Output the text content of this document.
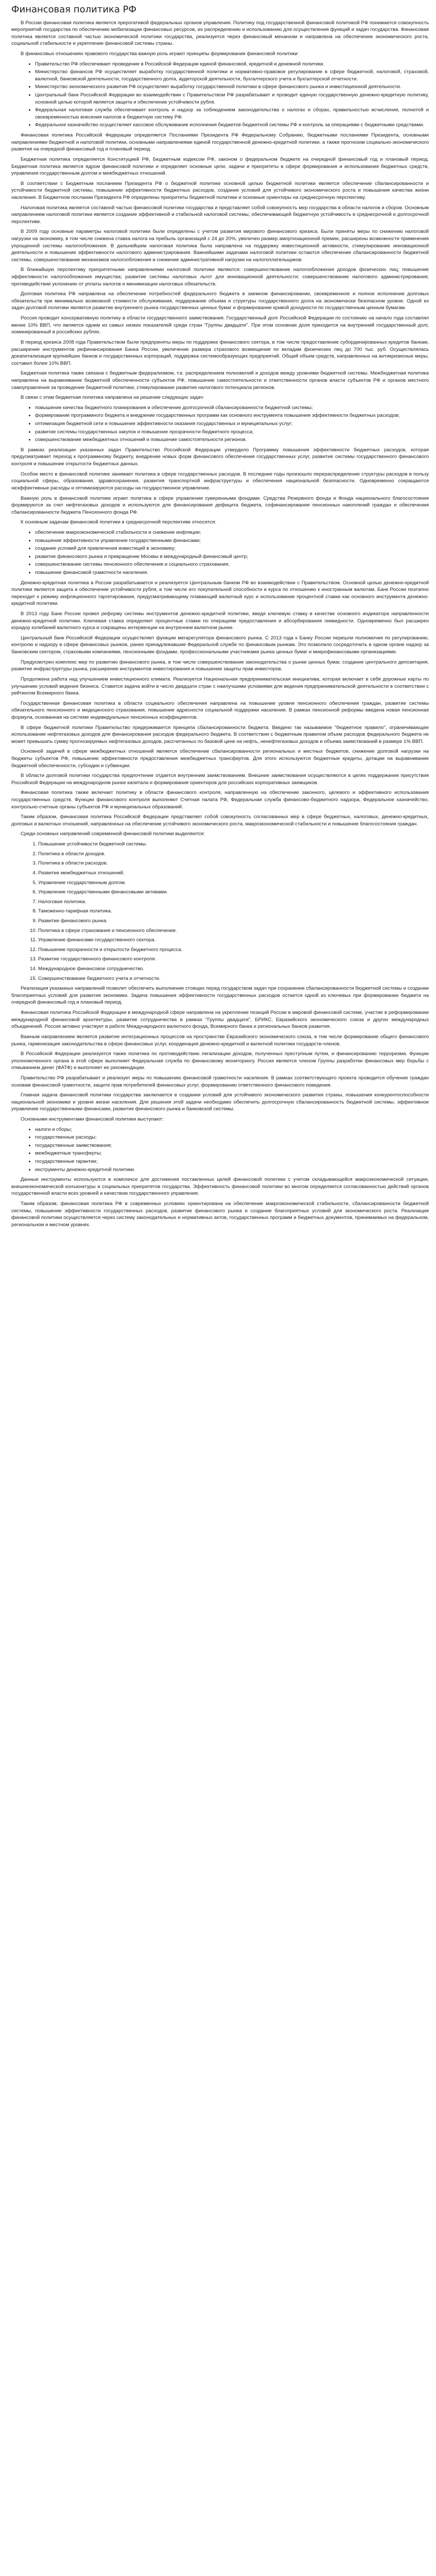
Финансовая политика РФ

В России финансовая политика является прерогативой федеральных органов управления. Политику под государственной финансовой политикой РФ понимается совокупность мероприятий государства по обеспечению мобилизации финансовых ресурсов, их распределению и использованию для осуществления функций и задач государства. Финансовая политика является составной частью экономической политики государства, реализуется через финансовый механизм и направлена на обеспечение экономического роста, социальной стабильности и укрепление финансовой системы страны.

В финансовых отношениях правового государства важную роль играют принципы формирования финансовой политики:

• Правительство РФ обеспечивает проведение в Российской Федерации единой финансовой, кредитной и денежной политики.
• Министерство финансов РФ осуществляет выработку государственной политики и нормативно-правовое регулирование в сфере бюджетной, налоговой, страховой, валютной, банковской деятельности, государственного долга, аудиторской деятельности, бухгалтерского учета и бухгалтерской отчетности.
• Министерство экономического развития РФ осуществляет выработку государственной политики в сфере финансового рынка и инвестиционной деятельности.
• Центральный банк Российской Федерации во взаимодействии с Правительством РФ разрабатывает и проводит единую государственную денежно-кредитную политику, основной целью которой является защита и обеспечение устойчивости рубля.
• Федеральная налоговая служба обеспечивает контроль и надзор за соблюдением законодательства о налогах и сборах, правильностью исчисления, полнотой и своевременностью внесения налогов в бюджетную систему РФ.
• Федеральное казначейство осуществляет кассовое обслуживание исполнения бюджетов бюджетной системы РФ и контроль за операциями с бюджетными средствами.

Финансовая политика Российской Федерации определяется Посланиями Президента РФ Федеральному Собранию, бюджетными посланиями Президента, основными направлениями бюджетной и налоговой политики, основными направлениями единой государственной денежно-кредитной политики, а также прогнозом социально-экономического развития на очередной финансовый год и плановый период.

Бюджетная политика определяется Конституцией РФ, Бюджетным кодексом РФ, законом о федеральном бюджете на очередной финансовый год и плановый период. Бюджетная политика является ядром финансовой политики и определяет основные цели, задачи и приоритеты в сфере формирования и использования бюджетных средств, управления государственным долгом и межбюджетных отношений.

В соответствии с Бюджетным посланием Президента РФ о бюджетной политике основной целью бюджетной политики является обеспечение сбалансированности и устойчивости бюджетной системы, повышение эффективности бюджетных расходов, создание условий для устойчивого экономического роста и повышения качества жизни населения. В Бюджетном послании Президента РФ определены приоритеты бюджетной политики и основные ориентиры на среднесрочную перспективу.

Налоговая политика является составной частью финансовой политики государства и представляет собой совокупность мер государства в области налогов и сборов. Основным направлением налоговой политики является создание эффективной и стабильной налоговой системы, обеспечивающей бюджетную устойчивость в среднесрочной и долгосрочной перспективе.

В 2009 году основные параметры налоговой политики были определены с учетом развития мирового финансового кризиса. Были приняты меры по снижению налоговой нагрузки на экономику, в том числе снижена ставка налога на прибыль организаций с 24 до 20%, увеличен размер амортизационной премии, расширены возможности применения упрощенной системы налогообложения. В дальнейшем налоговая политика была направлена на поддержку инвестиционной активности, стимулирование инновационной деятельности и повышение эффективности налогового администрирования. Важнейшими задачами налоговой политики остаются обеспечение сбалансированности бюджетной системы, совершенствование механизмов налогообложения и снижение административной нагрузки на налогоплательщиков.

В ближайшую перспективу приоритетными направлениями налоговой политики являются: совершенствование налогообложения доходов физических лиц; повышение эффективности налогообложения имущества; развитие системы налоговых льгот для инновационной деятельности; совершенствование налогового администрирования; противодействие уклонению от уплаты налогов и минимизации налоговых обязательств.

Долговая политика РФ направлена на обеспечение потребностей федерального бюджета в заемном финансировании, своевременное и полное исполнение долговых обязательств при минимально возможной стоимости обслуживания, поддержание объема и структуры государственного долга на экономически безопасном уровне. Одной из задач долговой политики является развитие внутреннего рынка государственных ценных бумаг и формирование кривой доходности по государственным ценным бумагам.

Россия проводит консервативную политику в области государственного заимствования. Государственный долг Российской Федерации по состоянию на начало года составлял менее 10% ВВП, что является одним из самых низких показателей среди стран "Группы двадцати". При этом основная доля приходится на внутренний государственный долг, номинированный в российских рублях.

В период кризиса 2008 года Правительством были предприняты меры по поддержке финансового сектора, в том числе предоставление субординированных кредитов банкам, расширение инструментов рефинансирования Банка России, увеличение размера страхового возмещения по вкладам физических лиц до 700 тыс. руб. Осуществлялась докапитализация крупнейших банков и государственных корпораций, поддержка системообразующих предприятий. Общий объем средств, направленных на антикризисные меры, составил более 10% ВВП.

Бюджетная политика также связана с бюджетным федерализмом, т.е. распределением полномочий и доходов между уровнями бюджетной системы. Межбюджетная политика направлена на выравнивание бюджетной обеспеченности субъектов РФ, повышение самостоятельности и ответственности органов власти субъектов РФ и органов местного самоуправления за проведение бюджетной политики, стимулирование развития налогового потенциала регионов.

В связи с этим бюджетная политика направлена на решение следующих задач:

• повышение качества бюджетного планирования и обеспечение долгосрочной сбалансированности бюджетной системы;
• формирование программного бюджета и внедрение государственных программ как основного инструмента повышения эффективности бюджетных расходов;
• оптимизация бюджетной сети и повышение эффективности оказания государственных и муниципальных услуг;
• развитие системы государственных закупок и повышение прозрачности бюджетного процесса;
• совершенствование межбюджетных отношений и повышение самостоятельности регионов.

В рамках реализации указанных задач Правительство Российской Федерации утвердило Программу повышения эффективности бюджетных расходов, которая предусматривает переход к программному бюджету, внедрение новых форм финансового обеспечения государственных услуг, развитие системы государственного финансового контроля и повышение открытости бюджетных данных.

Особое место в финансовой политике занимает политика в сфере государственных расходов. В последние годы произошло перераспределение структуры расходов в пользу социальной сферы, образования, здравоохранения, развития транспортной инфраструктуры и обеспечения национальной безопасности. Одновременно сокращаются неэффективные расходы и оптимизируются расходы на государственное управление.

Важную роль в финансовой политике играет политика в сфере управления суверенными фондами. Средства Резервного фонда и Фонда национального благосостояния формируются за счет нефтегазовых доходов и используются для финансирования дефицита бюджета, софинансирования пенсионных накоплений граждан и обеспечения сбалансированности бюджета Пенсионного фонда РФ.

К основным задачам финансовой политики в среднесрочной перспективе относятся:

• обеспечение макроэкономической стабильности и снижение инфляции;
• повышение эффективности управления государственными финансами;
• создание условий для привлечения инвестиций в экономику;
• развитие финансового рынка и превращение Москвы в международный финансовый центр;
• совершенствование системы пенсионного обеспечения и социального страхования;
• повышение финансовой грамотности населения.

Денежно-кредитная политика в России разрабатывается и реализуется Центральным банком РФ во взаимодействии с Правительством. Основной целью денежно-кредитной политики является защита и обеспечение устойчивости рубля, в том числе его покупательной способности и курса по отношению к иностранным валютам. Банк России поэтапно переходит к режиму инфляционного таргетирования, предусматривающему плавающий валютный курс и использование процентной ставки как основного инструмента денежно-кредитной политики.

В 2013 году Банк России провел реформу системы инструментов денежно-кредитной политики, введя ключевую ставку в качестве основного индикатора направленности денежно-кредитной политики. Ключевая ставка определяет процентные ставки по операциям предоставления и абсорбирования ликвидности. Одновременно был расширен коридор колебаний валютного курса и сокращены интервенции на внутреннем валютном рынке.

Центральный банк Российской Федерации осуществляет функции мегарегулятора финансового рынка. С 2013 года к Банку России перешли полномочия по регулированию, контролю и надзору в сфере финансовых рынков, ранее принадлежавшие Федеральной службе по финансовым рынкам. Это позволило сосредоточить в одном органе надзор за банковским сектором, страховыми компаниями, пенсионными фондами, профессиональными участниками рынка ценных бумаг и микрофинансовыми организациями.

Предусмотрен комплекс мер по развитию финансового рынка, в том числе совершенствование законодательства о рынке ценных бумаг, создание центрального депозитария, развитие инфраструктуры рынка, расширение инструментов инвестирования и повышение защиты прав инвесторов.

Продолжена работа над улучшением инвестиционного климата. Реализуется Национальная предпринимательская инициатива, которая включает в себя дорожные карты по улучшению условий ведения бизнеса. Ставится задача войти в число двадцати стран с наилучшими условиями для ведения предпринимательской деятельности в соответствии с рейтингом Всемирного банка.

Государственная финансовая политика в области социального обеспечения направлена на повышение уровня пенсионного обеспечения граждан, развитие системы обязательного пенсионного и медицинского страхования, повышение адресности социальной поддержки населения. В рамках пенсионной реформы введена новая пенсионная формула, основанная на системе индивидуальных пенсионных коэффициентов.

В сфере бюджетной политики Правительство придерживается принципа сбалансированности бюджета. Введено так называемое "бюджетное правило", ограничивающее использование нефтегазовых доходов для финансирования расходов федерального бюджета. В соответствии с бюджетным правилом объем расходов федерального бюджета не может превышать сумму прогнозируемых нефтегазовых доходов, рассчитанных по базовой цене на нефть, ненефтегазовых доходов и объема заимствований в размере 1% ВВП.

Основной задачей в сфере межбюджетных отношений является обеспечение сбалансированности региональных и местных бюджетов, снижение долговой нагрузки на бюджеты субъектов РФ, повышение эффективности предоставления межбюджетных трансфертов. Для этого используются бюджетные кредиты, дотации на выравнивание бюджетной обеспеченности, субсидии и субвенции.

В области долговой политики государства предпочтение отдается внутренним заимствованиям. Внешние заимствования осуществляются в целях поддержания присутствия Российской Федерации на международном рынке капитала и формирования ориентиров для российских корпоративных заемщиков.

Финансовая политика также включает политику в области финансового контроля, направленную на обеспечение законного, целевого и эффективного использования государственных средств. Функции финансового контроля выполняют Счетная палата РФ, Федеральная служба финансово-бюджетного надзора, Федеральное казначейство, контрольно-счетные органы субъектов РФ и муниципальных образований.

Таким образом, финансовая политика Российской Федерации представляет собой совокупность согласованных мер в сфере бюджетных, налоговых, денежно-кредитных, долговых и валютных отношений, направленных на обеспечение устойчивого экономического роста, макроэкономической стабильности и повышение благосостояния граждан.

Среди основных направлений современной финансовой политики выделяются:

1. Повышение устойчивости бюджетной системы.
2. Политика в области доходов.
3. Политика в области расходов.
4. Развитие межбюджетных отношений.
5. Управление государственным долгом.
6. Управление государственными финансовыми активами.
7. Налоговая политика.
8. Таможенно-тарифная политика.
9. Развитие финансового рынка.
10. Политика в сфере страхования и пенсионного обеспечения.
11. Управление финансами государственного сектора.
12. Повышение прозрачности и открытости бюджетного процесса.
13. Развитие государственного финансового контроля.
14. Международное финансовое сотрудничество.
15. Совершенствование бюджетного учета и отчетности.

Реализация указанных направлений позволит обеспечить выполнение стоящих перед государством задач при сохранении сбалансированности бюджетной системы и создании благоприятных условий для развития экономики. Задача повышения эффективности государственных расходов остается одной из ключевых при формировании бюджета на очередной финансовый год и плановый период.

Финансовая политика Российской Федерации в международной сфере направлена на укрепление позиций России в мировой финансовой системе, участие в реформировании международной финансовой архитектуры, развитие сотрудничества в рамках "Группы двадцати", БРИКС, Евразийского экономического союза и других международных объединений. Россия активно участвует в работе Международного валютного фонда, Всемирного банка и региональных банков развития.

Важным направлением является развитие интеграционных процессов на пространстве Евразийского экономического союза, в том числе формирование общего финансового рынка, гармонизация законодательства в сфере финансовых услуг, координация денежно-кредитной и валютной политики государств-членов.

В Российской Федерации реализуется также политика по противодействию легализации доходов, полученных преступным путем, и финансированию терроризма. Функции уполномоченного органа в этой сфере выполняет Федеральная служба по финансовому мониторингу. Россия является членом Группы разработки финансовых мер борьбы с отмыванием денег (ФАТФ) и выполняет ее рекомендации.

Правительство РФ разрабатывает и реализует меры по повышению финансовой грамотности населения. В рамках соответствующего проекта проводится обучение граждан основам финансовой грамотности, защите прав потребителей финансовых услуг, формированию ответственного финансового поведения.

Главная задача финансовой политики государства заключается в создании условий для устойчивого экономического развития страны, повышения конкурентоспособности национальной экономики и уровня жизни населения. Для решения этой задачи необходимо обеспечить долгосрочную сбалансированность бюджетной системы, эффективное управление государственными финансами, развитие финансового рынка и банковской системы.

Основными инструментами финансовой политики выступают:

• налоги и сборы;
• государственные расходы;
• государственные заимствования;
• межбюджетные трансферты;
• государственные гарантии;
• инструменты денежно-кредитной политики.

Данные инструменты используются в комплексе для достижения поставленных целей финансовой политики с учетом складывающейся макроэкономической ситуации, внешнеэкономической конъюнктуры и социальных приоритетов государства. Эффективность финансовой политики во многом определяется согласованностью действий органов государственной власти всех уровней и качеством государственного управления.

Таким образом, финансовая политика РФ в современных условиях ориентирована на обеспечение макроэкономической стабильности, сбалансированности бюджетной системы, повышение эффективности государственных расходов, развитие финансового рынка и создание благоприятных условий для экономического роста. Реализация финансовой политики осуществляется через систему законодательных и нормативных актов, государственных программ и бюджетных документов, принимаемых на федеральном, региональном и местном уровнях.
